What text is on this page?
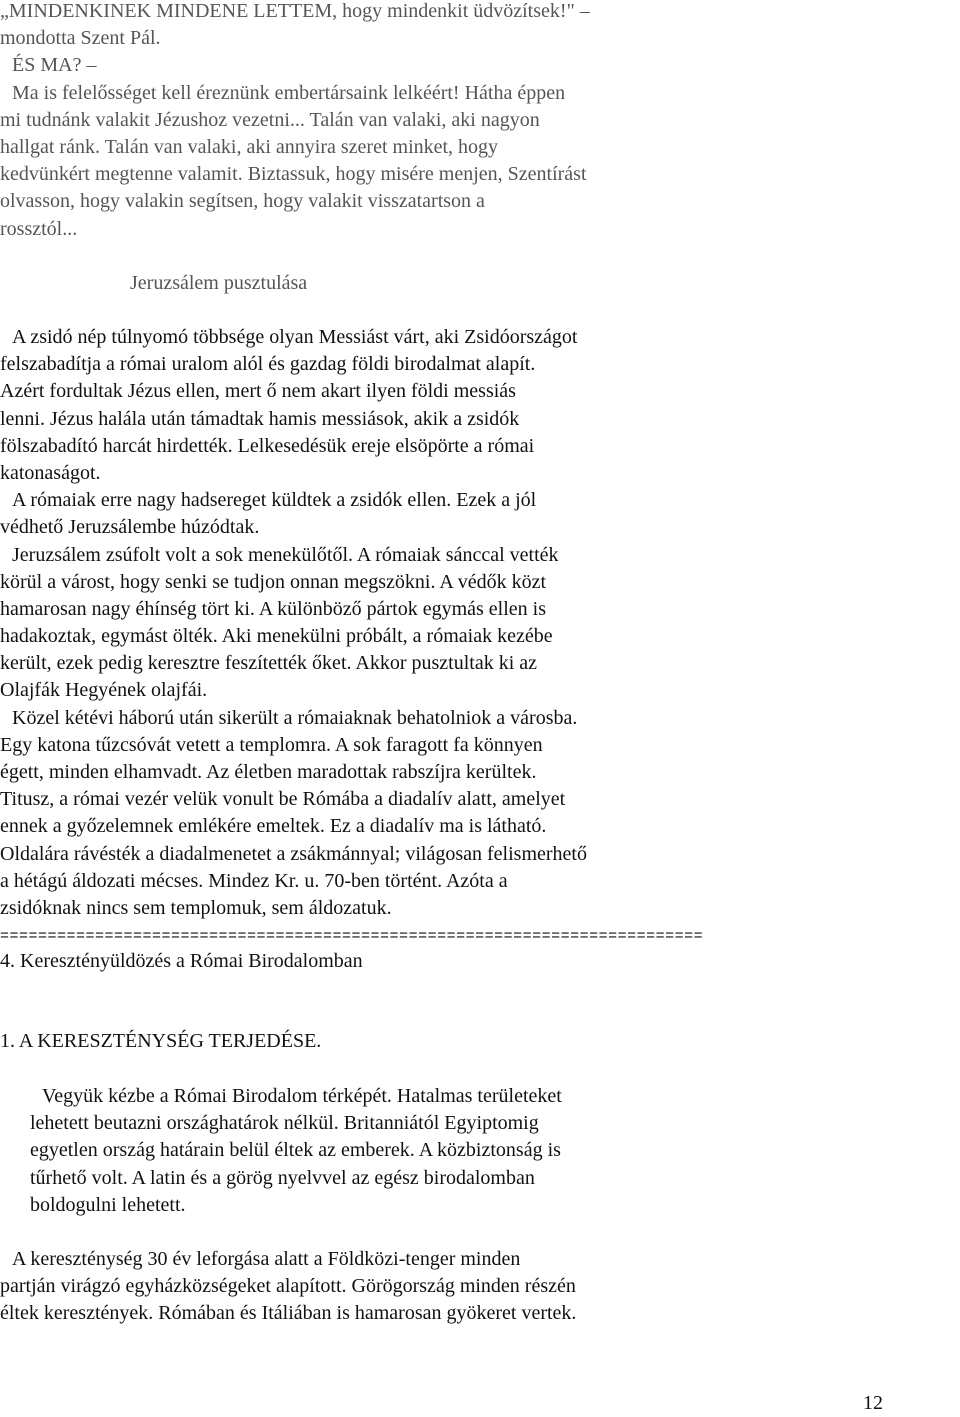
„MINDENKINEK MINDENE LETTEM, hogy mindenkit üdvözítsek!" –
mondotta Szent Pál.
ÉS MA? –
Ma is felelősséget kell éreznünk embertársaink lelkéért! Hátha éppen
mi tudnánk valakit Jézushoz vezetni... Talán van valaki, aki nagyon
hallgat ránk. Talán van valaki, aki annyira szeret minket, hogy
kedvünkért megtenne valamit. Biztassuk, hogy misére menjen, Szentírást
olvasson, hogy valakin segítsen, hogy valakit visszatartson a
rossztól...
Jeruzsálem pusztulása
A zsidó nép túlnyomó többsége olyan Messiást várt, aki Zsidóországot
felszabadítja a római uralom alól és gazdag földi birodalmat alapít.
Azért fordultak Jézus ellen, mert ő nem akart ilyen földi messiás
lenni. Jézus halála után támadtak hamis messiások, akik a zsidók
fölszabadító harcát hirdették. Lelkesedésük ereje elsöpörte a római
katonaságot.
A rómaiak erre nagy hadsereget küldtek a zsidók ellen. Ezek a jól
védhető Jeruzsálembe húzódtak.
Jeruzsálem zsúfolt volt a sok menekülőtől. A rómaiak sánccal vették
körül a várost, hogy senki se tudjon onnan megszökni. A védők közt
hamarosan nagy éhínség tört ki. A különböző pártok egymás ellen is
hadakoztak, egymást ölték. Aki menekülni próbált, a rómaiak kezébe
került, ezek pedig keresztre feszítették őket. Akkor pusztultak ki az
Olajfák Hegyének olajfái.
Közel kétévi háború után sikerült a rómaiaknak behatolniok a városba.
Egy katona tűzcsóvát vetett a templomra. A sok faragott fa könnyen
égett, minden elhamvadt. Az életben maradottak rabszíjra kerültek.
Titusz, a római vezér velük vonult be Rómába a diadalív alatt, amelyet
ennek a győzelemnek emlékére emeltek. Ez a diadalív ma is látható.
Oldalára rávésték a diadalmenetet a zsákmánnyal; világosan felismerhető
a hétágú áldozati mécses. Mindez Kr. u. 70-ben történt. Azóta a
zsidóknak nincs sem templomuk, sem áldozatuk.
==========================================================================
4. Keresztényüldözés a Római Birodalomban
1. A KERESZTÉNYSÉG TERJEDÉSE.
Vegyük kézbe a Római Birodalom térképét. Hatalmas területeket
lehetett beutazni országhatárok nélkül. Britanniától Egyiptomig
egyetlen ország határain belül éltek az emberek. A közbiztonság is
tűrhető volt. A latin és a görög nyelvvel az egész birodalomban
boldogulni lehetett.
A kereszténység 30 év leforgása alatt a Földközi-tenger minden
partján virágzó egyházközségeket alapított. Görögország minden részén
éltek keresztények. Rómában és Itáliában is hamarosan gyökeret vertek.
12
